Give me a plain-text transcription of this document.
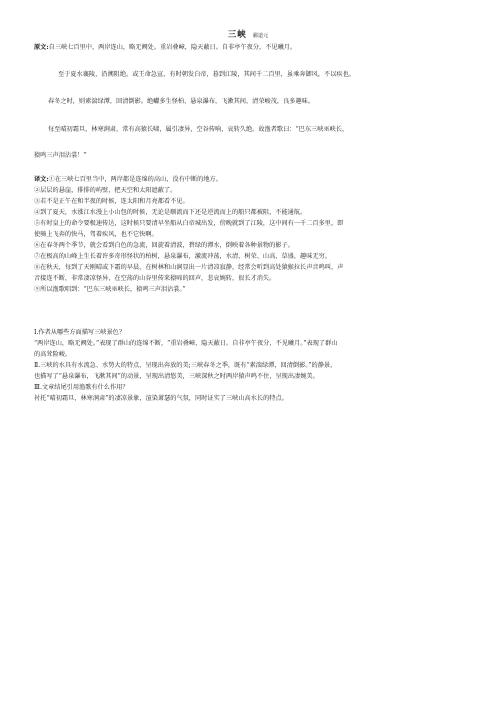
三峡 郦道元

原文:自三峡七百里中，两岸连山，略无阙处。重岩叠嶂，隐天蔽日。自非亭午夜分，不见曦月。

至于夏水襄陵，沿溯阻绝。或王命急宣，有时朝发白帝，暮到江陵，其间千二百里，虽乘奔御风，不以疾也。

春冬之时，则素湍绿潭，回清倒影。绝巘多生怪柏，悬泉瀑布，飞漱其间，清荣峻茂，良多趣味。

每至晴初霜旦，林寒涧肃，常有高猿长啸，属引凄异，空谷传响，哀转久绝。故渔者歌曰：“巴东三峡巫峡长，

猿鸣三声泪沾裳！”

译文:①在三峡七百里当中，两岸都是连绵的高山，没有中断的地方。

②层层的悬崖，排排的屿壁，把天空和太阳遮蔽了。

③若不是正午在和半夜的时候，连太阳和月亮都看不见。

④到了夏天，水涨江水漫上小山包的时候，无论是顺流而下还是逆流而上的船只都被阻，不能通航。

⑤有时皇上的命令要极速传达，这时候只要清早坐船从白帝城出发，傍晚就到了江陵，这中间有一千二百多里，即

使骑上飞奔的快马，驾着疾风，也不它快啊。

⑥在春冬两个季节，就会看到白色的急流，回旋着清波，碧绿的潭水，倒映着各种景物的影子。

⑦在极高的山峰上生长着许多奇形怪状的柏树，悬泉瀑布，激流冲荡，水清、树荣、山高、草盛，趣味无穷。

⑧在秋天，每到了天刚晴或下霜的早晨，在树林和山涧显出一片清凉寂静，经常会听到高处猿猴拉长声音鸣叫，声

音接连不断，非常凄凉怪异，在空荡的山谷里传来猿啼的回声，悲哀婉转，很长才消失。

⑨所以渔歌唱到：“巴东三峡巫峡长，猿鸣三声泪沾裳。”

Ⅰ.作者从哪些方面描写三峡景色？

“两岸连山，略无阙处。”表现了群山的连绵不断，“重岩叠嶂，隐天蔽日。自非亭午夜分，不见曦月。”表现了群山

的高耸险峻。

Ⅱ.三峡的水具有水流急、水势大的特点，呈现出奔放的美;三峡春冬之季，既有“素湍绿潭，回清倒影。”的静景，

也描写了“悬泉瀑布，飞漱其间”的动景，呈现出清悠美，三峡深秋之时两岸猿声鸣不住，呈现出凄婉美。

Ⅲ.文章结尾引用渔歌有什么作用？

衬托“晴初霜旦，林寒涧肃”的凄凉景象，渲染萧瑟的气氛，同时证实了三峡山高水长的特点。
